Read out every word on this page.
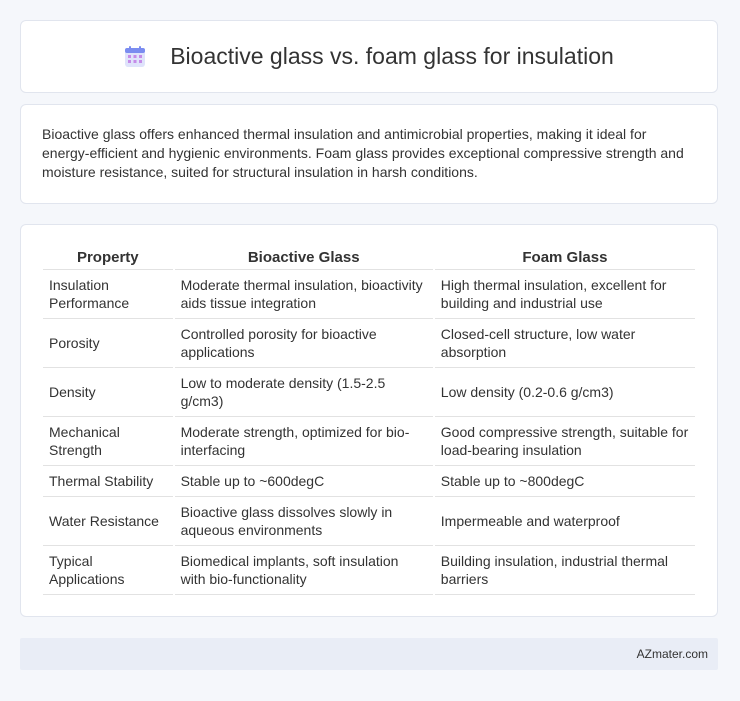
Bioactive glass vs. foam glass for insulation

Bioactive glass offers enhanced thermal insulation and antimicrobial properties, making it ideal for energy-efficient and hygienic environments. Foam glass provides exceptional compressive strength and moisture resistance, suited for structural insulation in harsh conditions.

Property	Bioactive Glass	Foam Glass
Insulation Performance	Moderate thermal insulation, bioactivity aids tissue integration	High thermal insulation, excellent for building and industrial use
Porosity	Controlled porosity for bioactive applications	Closed-cell structure, low water absorption
Density	Low to moderate density (1.5-2.5 g/cm3)	Low density (0.2-0.6 g/cm3)
Mechanical Strength	Moderate strength, optimized for bio-interfacing	Good compressive strength, suitable for load-bearing insulation
Thermal Stability	Stable up to ~600degC	Stable up to ~800degC
Water Resistance	Bioactive glass dissolves slowly in aqueous environments	Impermeable and waterproof
Typical Applications	Biomedical implants, soft insulation with bio-functionality	Building insulation, industrial thermal barriers
AZmater.com
